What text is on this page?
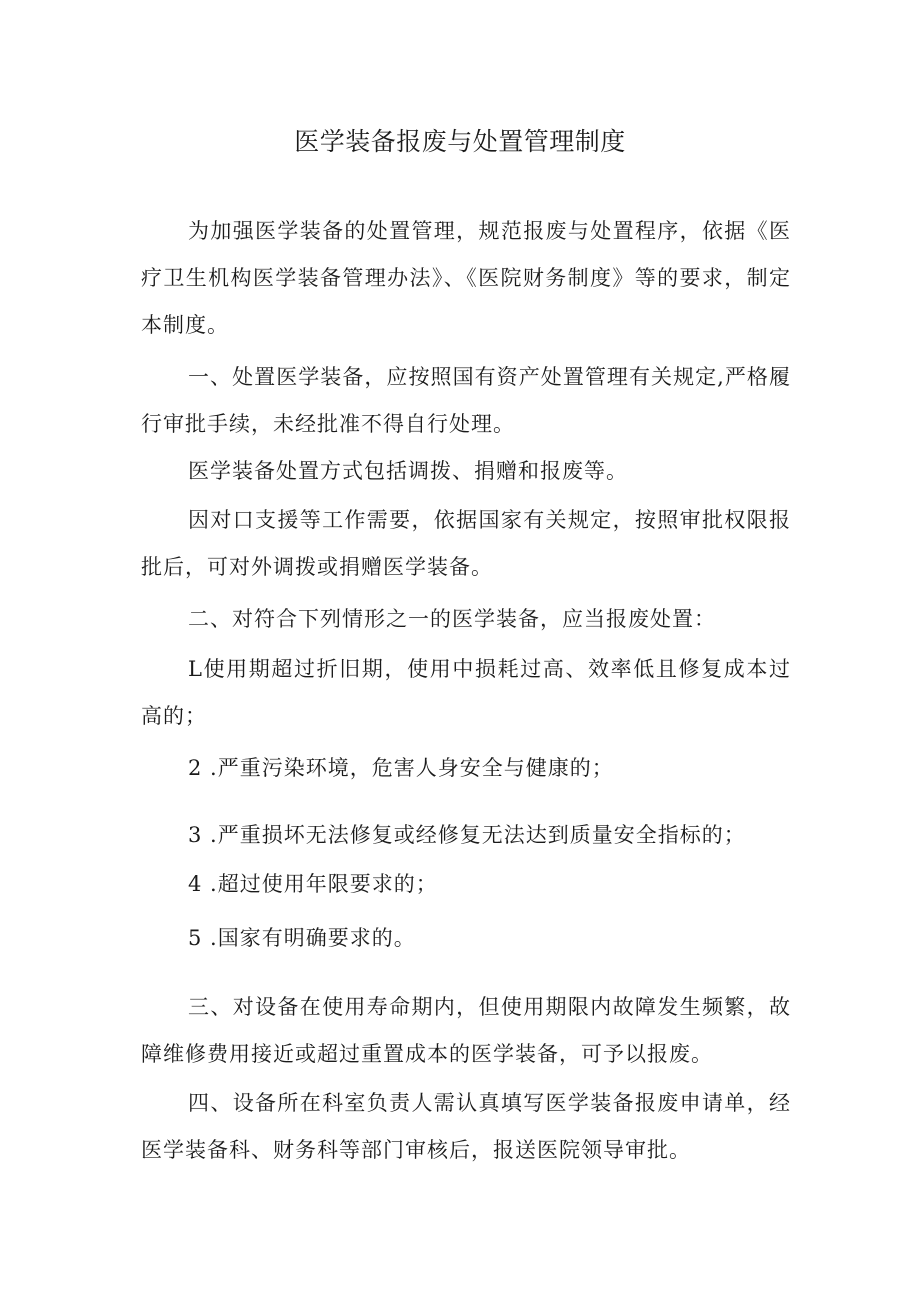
医学装备报废与处置管理制度
为加强医学装备的处置管理，规范报废与处置程序，依据《医疗卫生机构医学装备管理办法》、《医院财务制度》等的要求，制定本制度。
一、处置医学装备，应按照国有资产处置管理有关规定,严格履行审批手续，未经批准不得自行处理。
医学装备处置方式包括调拨、捐赠和报废等。
因对口支援等工作需要，依据国家有关规定，按照审批权限报批后，可对外调拨或捐赠医学装备。
二、对符合下列情形之一的医学装备，应当报废处置：
L使用期超过折旧期，使用中损耗过高、效率低且修复成本过高的；
2 .严重污染环境，危害人身安全与健康的；
3 .严重损坏无法修复或经修复无法达到质量安全指标的；
4 .超过使用年限要求的；
5 .国家有明确要求的。
三、对设备在使用寿命期内，但使用期限内故障发生频繁，故障维修费用接近或超过重置成本的医学装备，可予以报废。
四、设备所在科室负责人需认真填写医学装备报废申请单，经医学装备科、财务科等部门审核后，报送医院领导审批。
